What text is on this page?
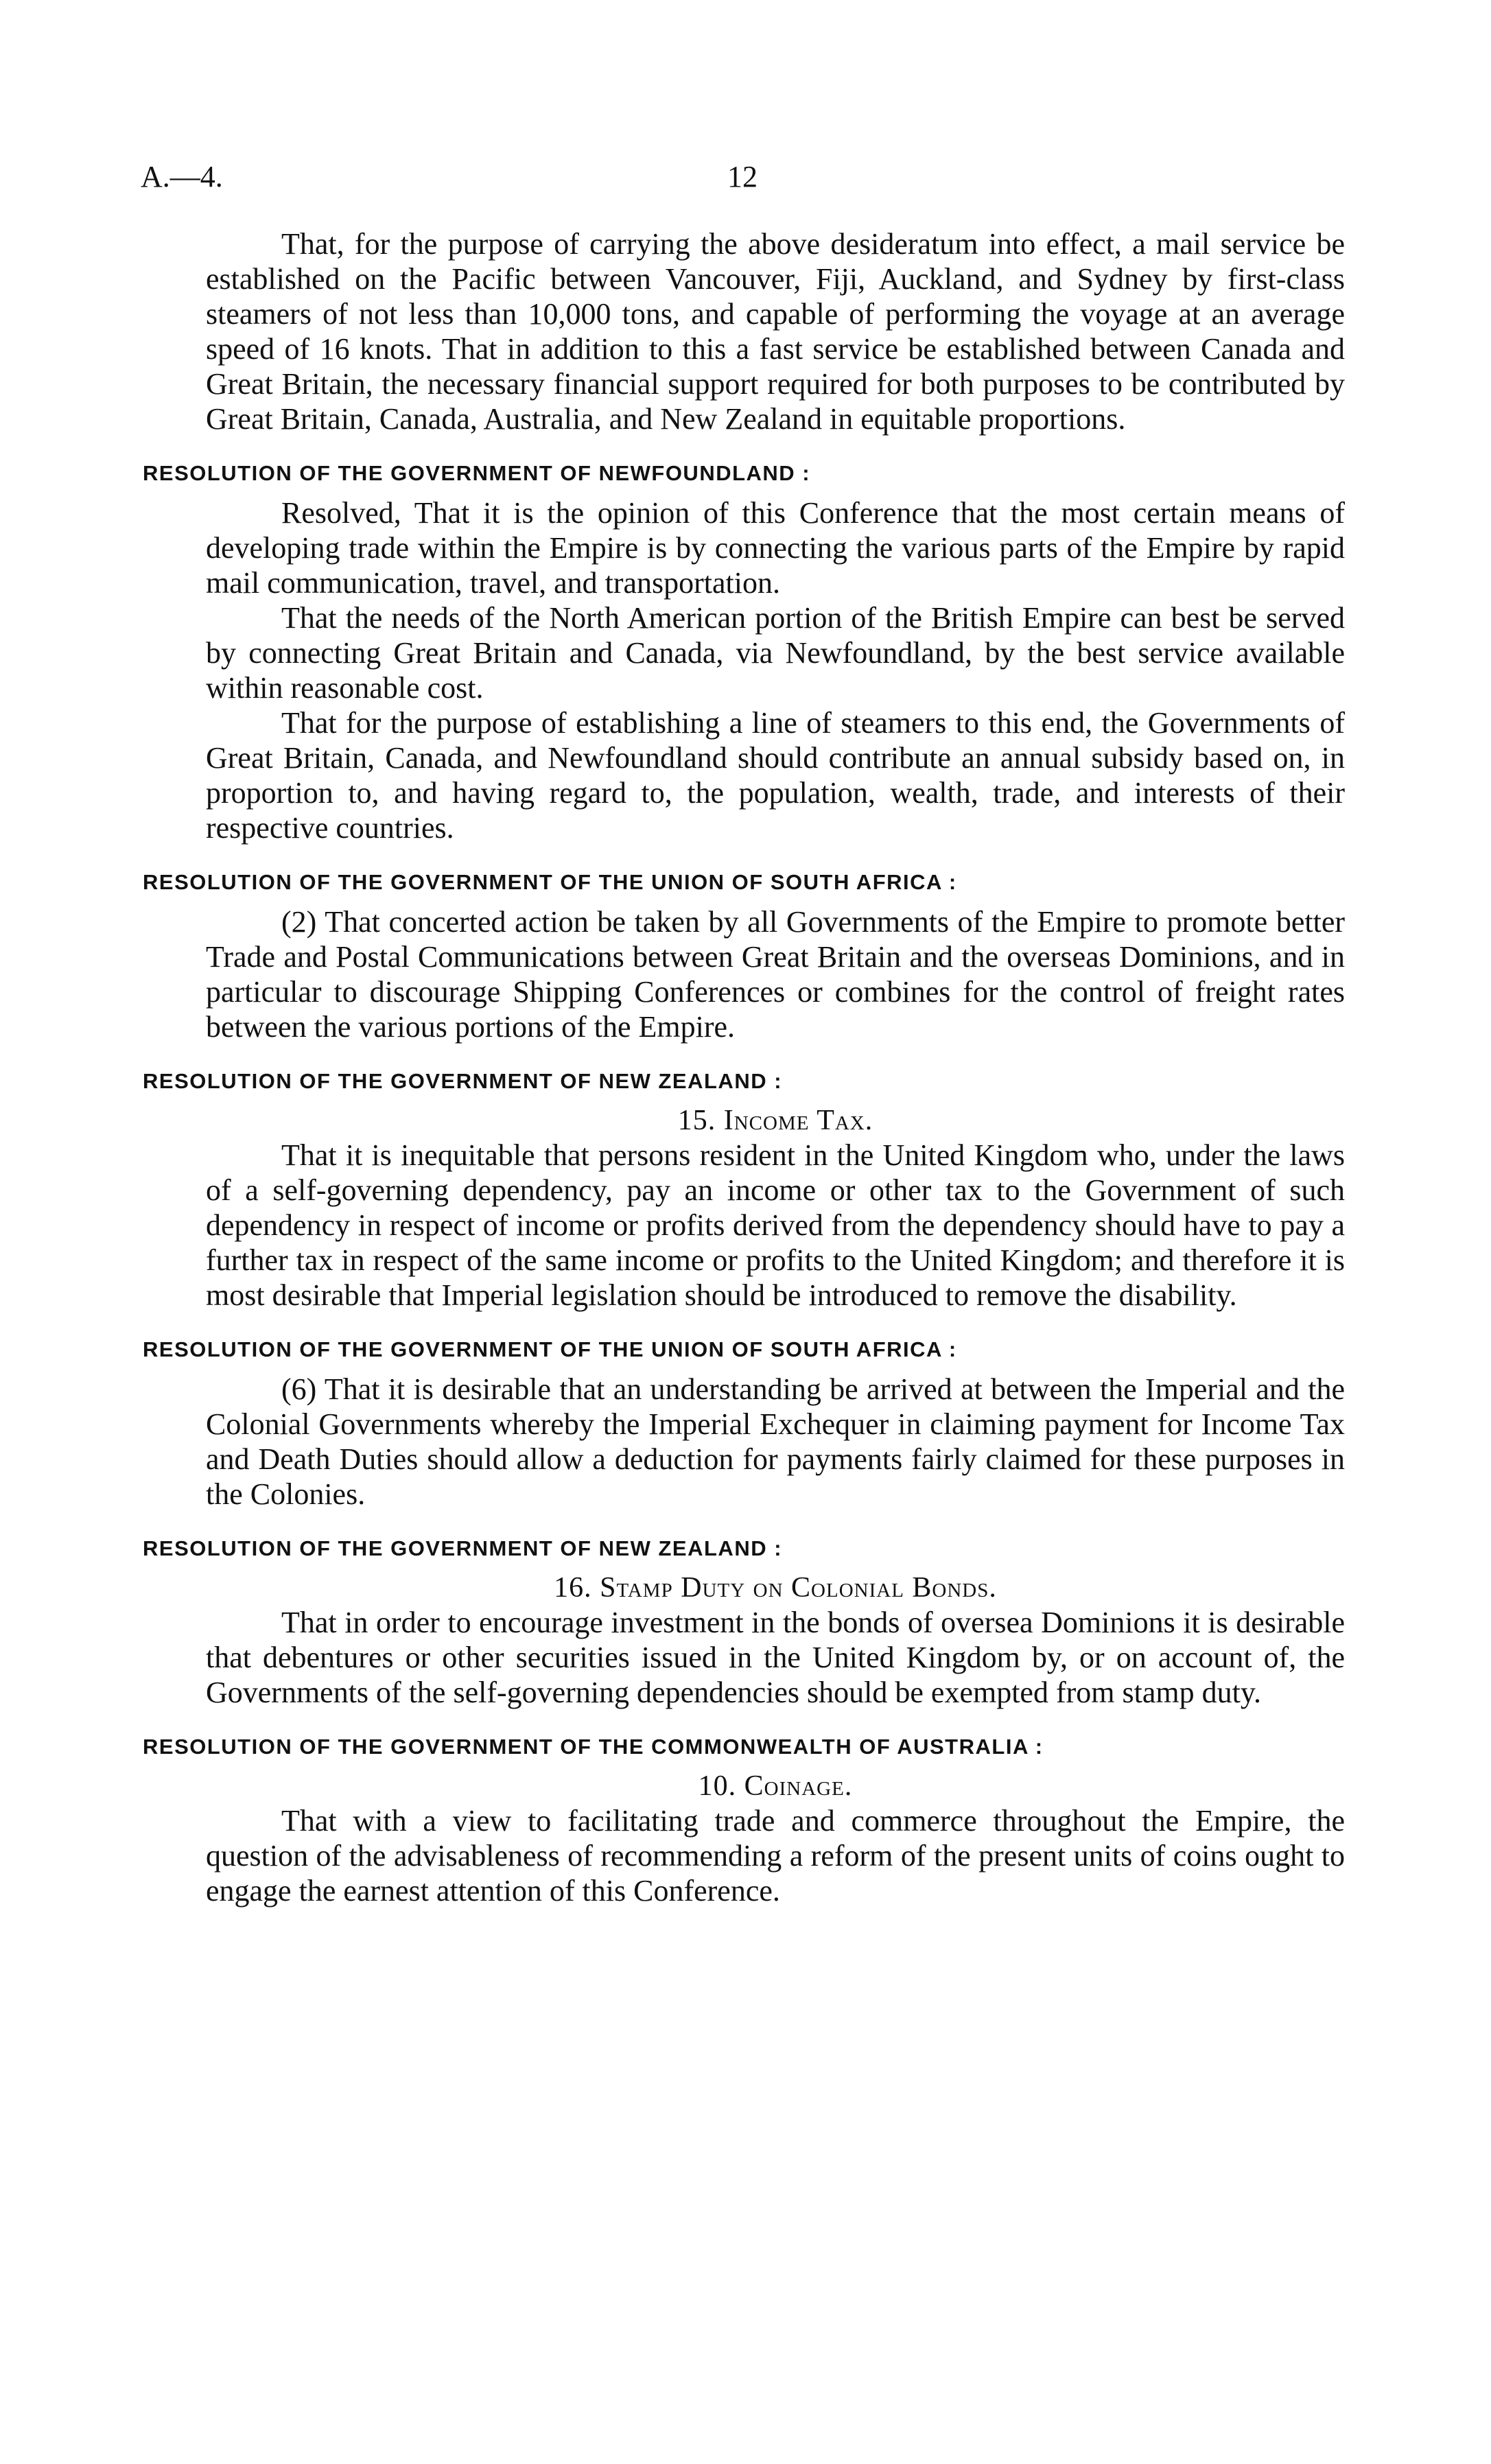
A.—4.	12

That, for the purpose of carrying the above desideratum into effect, a mail service be established on the Pacific between Vancouver, Fiji, Auckland, and Sydney by first-class steamers of not less than 10,000 tons, and capable of performing the voyage at an average speed of 16 knots. That in addition to this a fast service be established between Canada and Great Britain, the necessary financial support required for both purposes to be contributed by Great Britain, Canada, Australia, and New Zealand in equitable proportions.

RESOLUTION OF THE GOVERNMENT OF NEWFOUNDLAND :

Resolved, That it is the opinion of this Conference that the most certain means of developing trade within the Empire is by connecting the various parts of the Empire by rapid mail communication, travel, and transportation.

That the needs of the North American portion of the British Empire can best be served by connecting Great Britain and Canada, via Newfoundland, by the best service available within reasonable cost.

That for the purpose of establishing a line of steamers to this end, the Governments of Great Britain, Canada, and Newfoundland should contribute an annual subsidy based on, in proportion to, and having regard to, the population, wealth, trade, and interests of their respective countries.

RESOLUTION OF THE GOVERNMENT OF THE UNION OF SOUTH AFRICA :

(2) That concerted action be taken by all Governments of the Empire to promote better Trade and Postal Communications between Great Britain and the overseas Dominions, and in particular to discourage Shipping Conferences or combines for the control of freight rates between the various portions of the Empire.

RESOLUTION OF THE GOVERNMENT OF NEW ZEALAND :
15. Income Tax.

That it is inequitable that persons resident in the United Kingdom who, under the laws of a self-governing dependency, pay an income or other tax to the Government of such dependency in respect of income or profits derived from the dependency should have to pay a further tax in respect of the same income or profits to the United Kingdom; and therefore it is most desirable that Imperial legislation should be introduced to remove the disability.

RESOLUTION OF THE GOVERNMENT OF THE UNION OF SOUTH AFRICA :

(6) That it is desirable that an understanding be arrived at between the Imperial and the Colonial Governments whereby the Imperial Exchequer in claiming payment for Income Tax and Death Duties should allow a deduction for payments fairly claimed for these purposes in the Colonies.

RESOLUTION OF THE GOVERNMENT OF NEW ZEALAND :
16. Stamp Duty on Colonial Bonds.

That in order to encourage investment in the bonds of oversea Dominions it is desirable that debentures or other securities issued in the United Kingdom by, or on account of, the Governments of the self-governing dependencies should be exempted from stamp duty.

RESOLUTION OF THE GOVERNMENT OF THE COMMONWEALTH OF AUSTRALIA :
10. Coinage.

That with a view to facilitating trade and commerce throughout the Empire, the question of the advisableness of recommending a reform of the present units of coins ought to engage the earnest attention of this Conference.
